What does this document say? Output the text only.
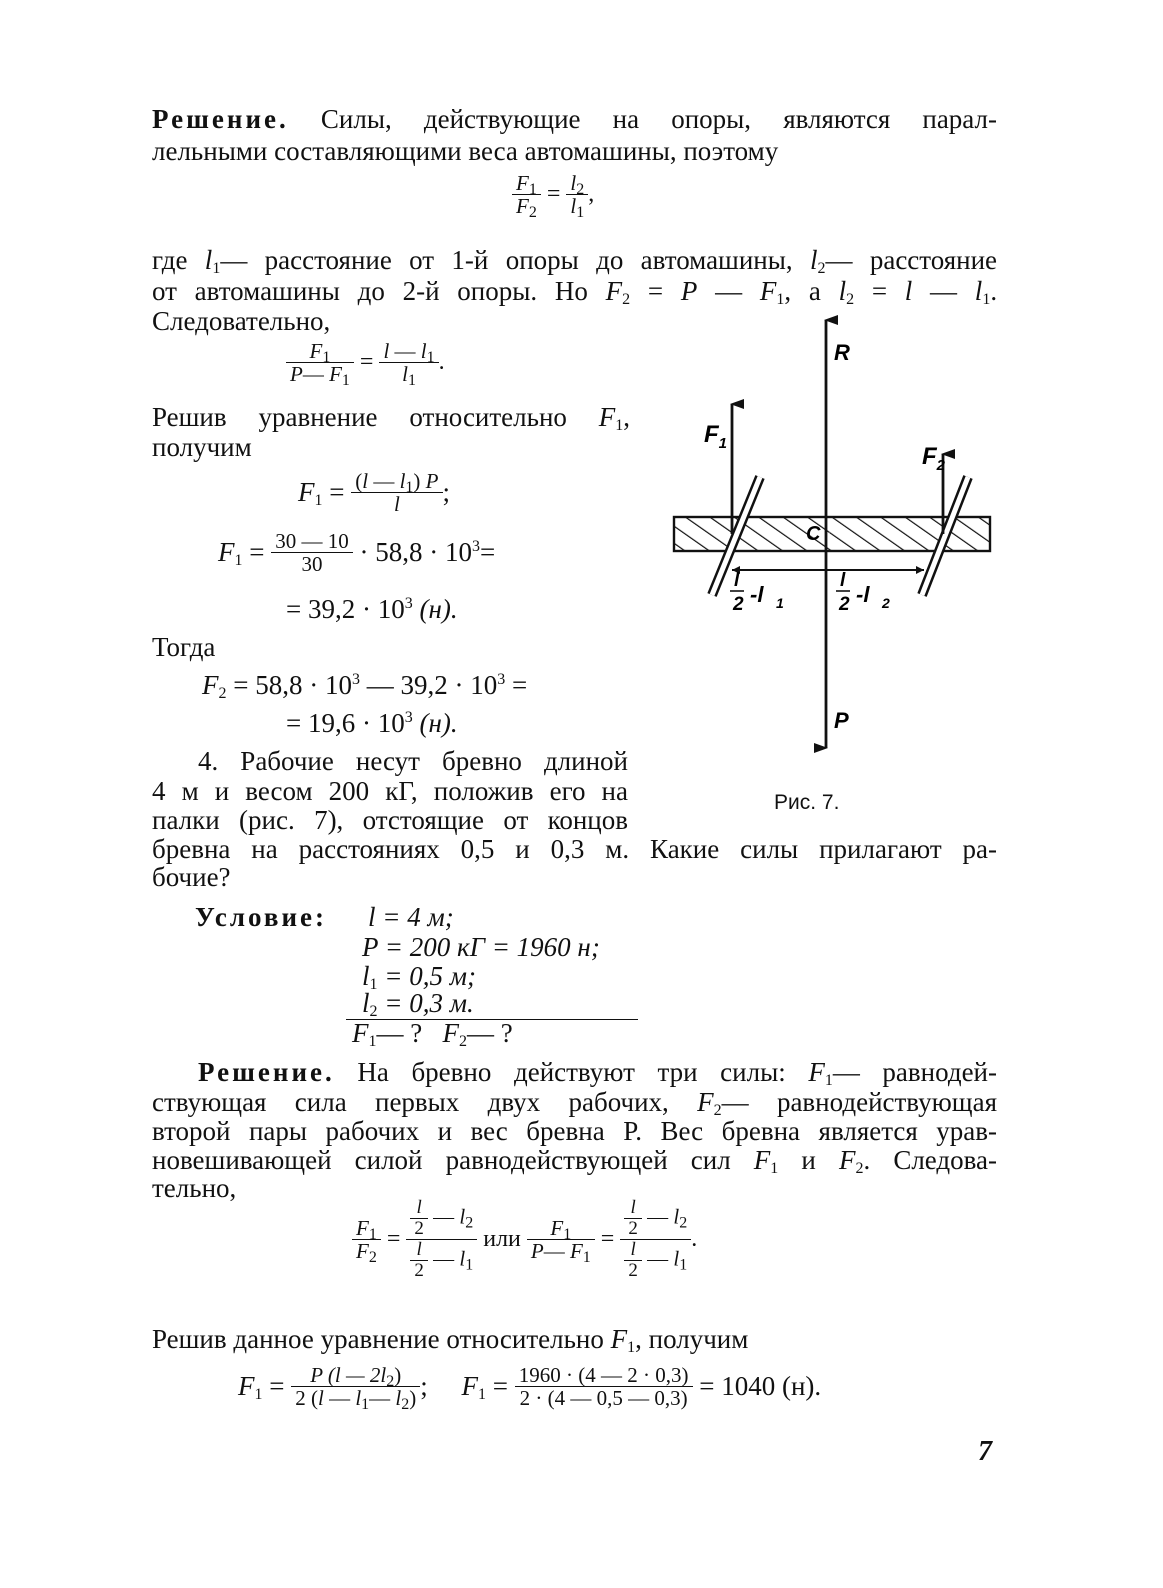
Решение. Силы, действующие на опоры, являются парал-
лельными составляющими веса автомашины, поэтому
$\frac{F_1}{F_2} = \frac{l_2}{l_1}$ ,
где $l_1—$ расстояние от 1-й опоры до автомашины, $l_2—$ расстояние
от автомашины до 2-й опоры. Но $F_2 = P$ — $F_1$, а $l_2 = l$ — $l_1$.
Следовательно,
$\frac{F_1}{P— F_1} = \frac{l — l_1}{l_1}$ .
Решив уравнение относительно $F_1$,
получим
$F_1 = \frac{(l — l_1) P}{l}$ ;
$F_1 = \frac{30 — 10}{30} \cdot 58,8 \cdot 10^3=$
= $39,2 \cdot 10^3$ (н).
Тогда
$F_2 = 58,8 \cdot 10^3$ — $39,2 \cdot 10^3$ =
= $19,6 \cdot 10^3$ (н).
4. Рабочие несут бревно длиной
4 м и весом 200 кГ, положив его на
палки (рис. 7), отстоящие от концов
бревна на расстояниях 0,5 и 0,3 м. Какие силы прилагают ра-
бочие?
Условие: l = 4 м;
P = 200 кГ = 1960 н;
$l_1 = 0,5$ м;
$l_2 = 0,3$ м.
$F_1—$ ? $F_2—$ ?
Решение. На бревно действуют три силы: $F_1—$ равнодей-
ствующая сила первых двух рабочих, $F_2—$ равнодействующая
второй пары рабочих и вес бревна P. Вес бревна является урав-
новешивающей силой равнодействующей сил $F_1$ и $F_2$. Следова-
тельно,
$\frac{F_1}{F_2} = \frac{\frac{l}{2} — l_2}{\frac{l}{2} — l_1}$ или $\frac{F_1}{P— F_1} = \frac{\frac{l}{2} — l_2}{\frac{l}{2} — l_1}$ .
Решив данное уравнение относительно $F_1$, получим
$F_1 = \frac{P (l — 2l_2)}{2 (l — l_1— l_2)}$ ; $F_1 = \frac{1960 \cdot (4 — 2 \cdot 0,3)}{2 \cdot (4 — 0,5 — 0,3)} = 1040$ (н).
7
R
P
$F_1$	$F_2$
C
l
2 -l 1
l
2 -l 2
Рис. 7.
